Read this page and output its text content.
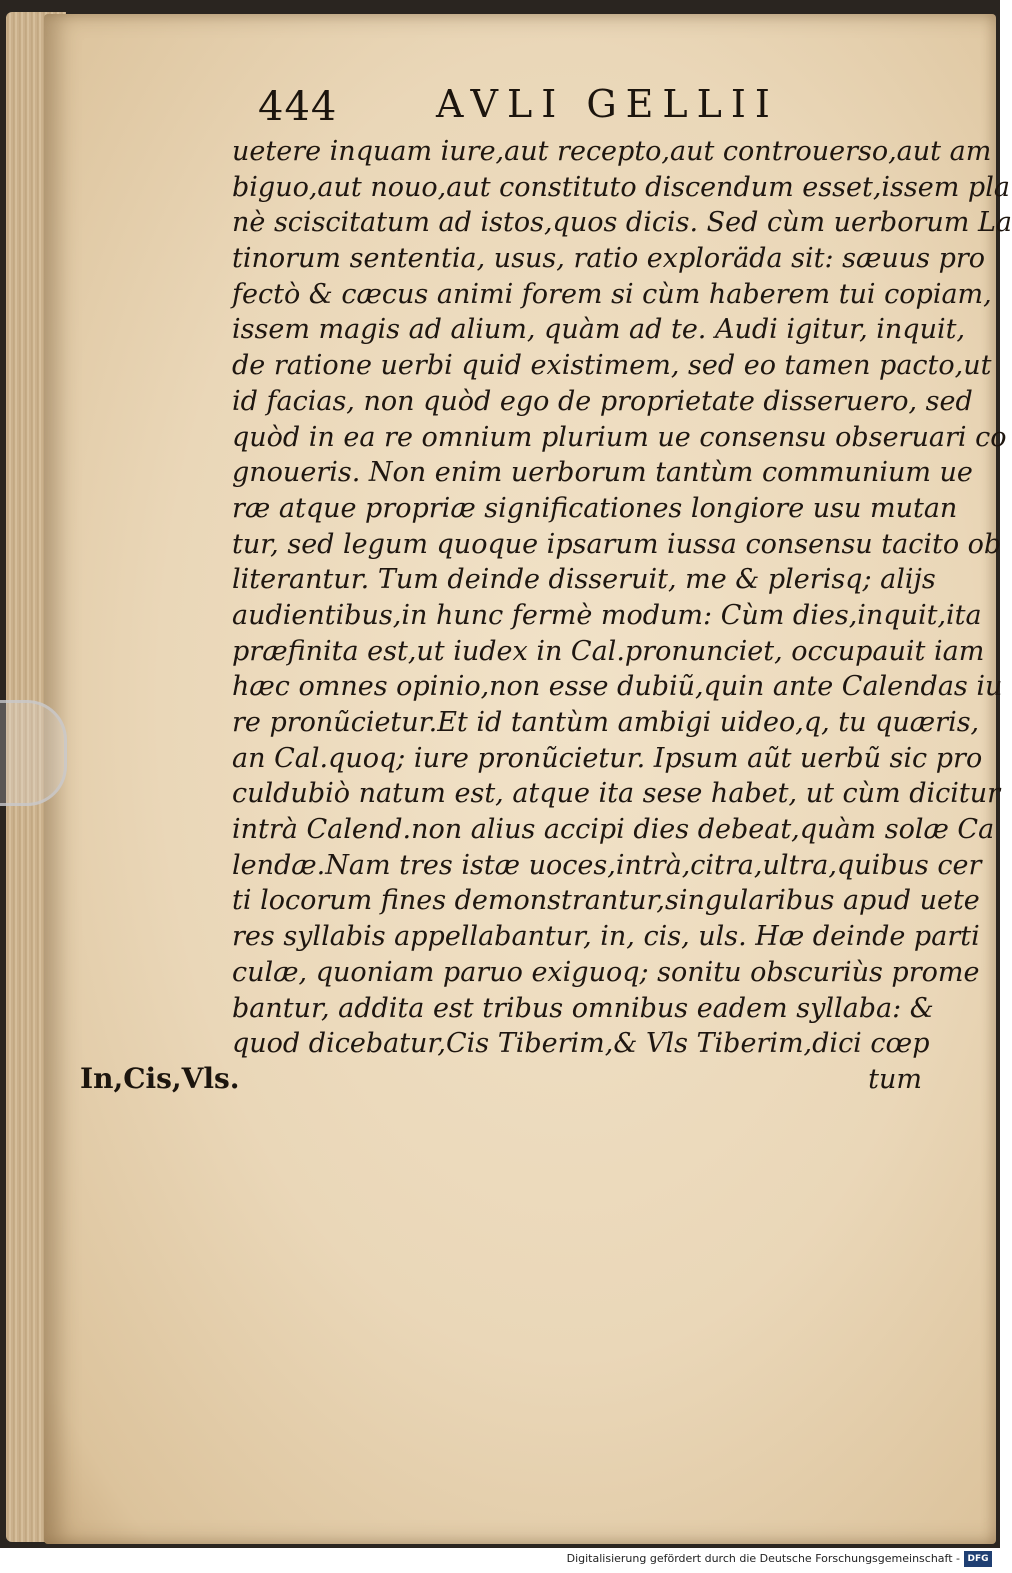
444	AVLI GELLII
In,Cis,Vls.
uetere inquam iure,aut recepto,aut controuerso,aut am
biguo,aut nouo,aut constituto discendum esset,issem pla
nè sciscitatum ad istos,quos dicis. Sed cùm uerborum La
tinorum sententia, usus, ratio exploräda sit: sæuus pro
fectò & cæcus animi forem si cùm haberem tui copiam,
issem magis ad alium, quàm ad te. Audi igitur, inquit,
de ratione uerbi quid existimem, sed eo tamen pacto,ut
id facias, non quòd ego de proprietate disseruero, sed
quòd in ea re omnium plurium ue consensu obseruari co
gnoueris. Non enim uerborum tantùm communium ue
ræ atque propriæ significationes longiore usu mutan
tur, sed legum quoque ipsarum iussa consensu tacito ob
literantur. Tum deinde disseruit, me & plerisq; alijs
audientibus,in hunc fermè modum: Cùm dies,inquit,ita
præfinita est,ut iudex in Cal.pronunciet, occupauit iam
hæc omnes opinio,non esse dubiũ,quin ante Calendas iu
re pronũcietur.Et id tantùm ambigi uideo,q, tu quæris,
an Cal.quoq; iure pronũcietur. Ipsum aũt uerbũ sic pro
culdubiò natum est, atque ita sese habet, ut cùm dicitur
intrà Calend.non alius accipi dies debeat,quàm solæ Ca
lendæ.Nam tres istæ uoces,intrà,citra,ultra,quibus cer
ti locorum fines demonstrantur,singularibus apud uete
res syllabis appellabantur, in, cis, uls. Hæ deinde parti
culæ, quoniam paruo exiguoq; sonitu obscuriùs prome
bantur, addita est tribus omnibus eadem syllaba: &
quod dicebatur,Cis Tiberim,& Vls Tiberim,dici cœp
tum
Digitalisierung gefördert durch die Deutsche Forschungsgemeinschaft - DFG
